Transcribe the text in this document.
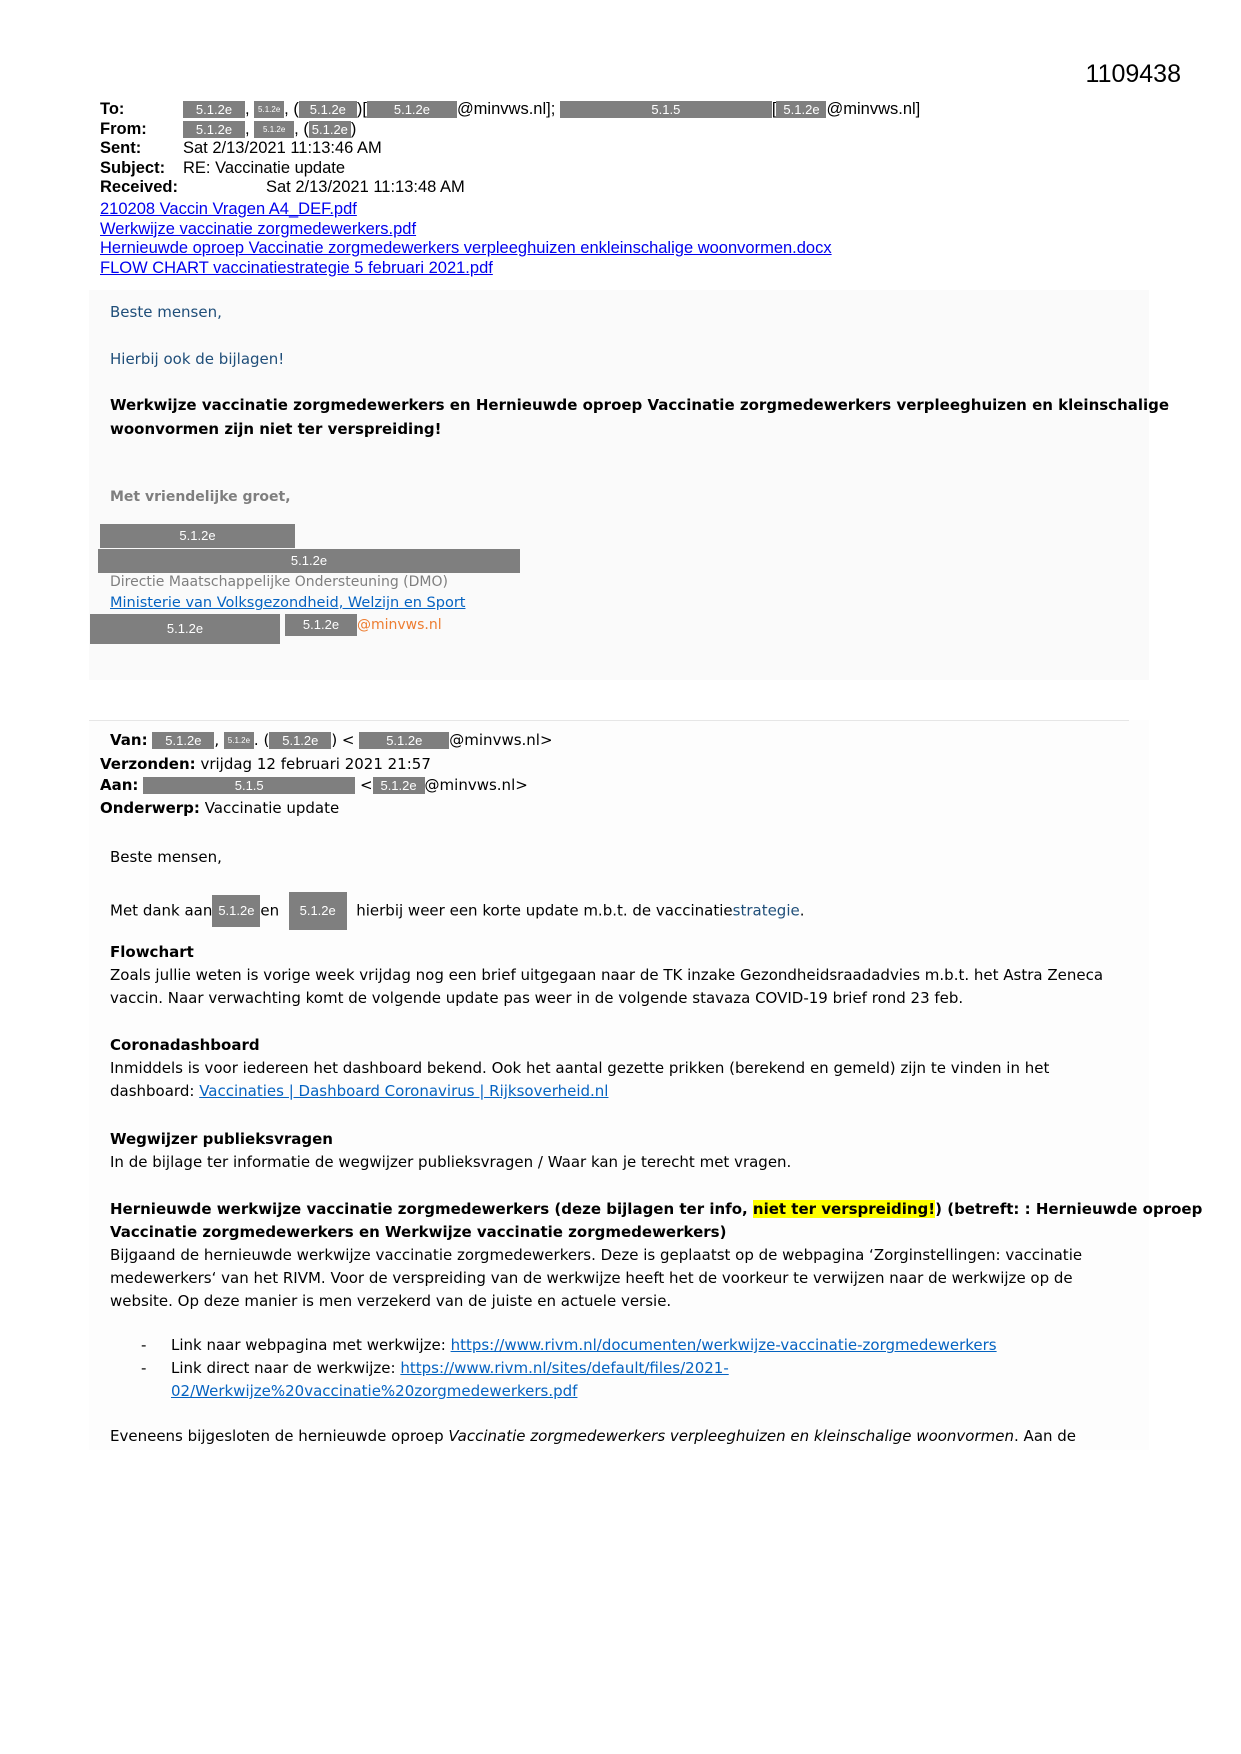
1109438
To:	5.1.2e , 5.1.2e , ( 5.1.2e )[ 5.1.2e @minvws.nl];	5.1.5	[ 5.1.2e @minvws.nl]
From:	5.1.2e , 5.1.2e , ( 5.1.2e )
Sent:	Sat 2/13/2021 11:13:46 AM
Subject: RE: Vaccinatie update
Received:	Sat 2/13/2021 11:13:48 AM
210208 Vaccin Vragen A4_DEF.pdf
Werkwijze vaccinatie zorgmedewerkers.pdf
Hernieuwde oproep Vaccinatie zorgmedewerkers verpleeghuizen enkleinschalige woonvormen.docx
FLOW CHART vaccinatiestrategie 5 februari 2021.pdf
Beste mensen,
Hierbij ook de bijlagen!
Werkwijze vaccinatie zorgmedewerkers en Hernieuwde oproep Vaccinatie zorgmedewerkers verpleeghuizen en kleinschalige
woonvormen zijn niet ter verspreiding!
Met vriendelijke groet,
5.1.2e
5.1.2e
Directie Maatschappelijke Ondersteuning (DMO)
Ministerie van Volksgezondheid, Welzijn en Sport
5.1.2e	5.1.2e @minvws.nl
Van: 5.1.2e , 5.1.2e . ( 5.1.2e ) < 5.1.2e @minvws.nl>
Verzonden: vrijdag 12 februari 2021 21:57
Aan:	5.1.5	< 5.1.2e @minvws.nl>
Onderwerp: Vaccinatie update
Beste mensen,
Met dank aan 5.1.2e en 5.1.2e hierbij weer een korte update m.b.t. de vaccinatiestrategie.
Flowchart
Zoals jullie weten is vorige week vrijdag nog een brief uitgegaan naar de TK inzake Gezondheidsraadadvies m.b.t. het Astra Zeneca
vaccin. Naar verwachting komt de volgende update pas weer in de volgende stavaza COVID-19 brief rond 23 feb.
Coronadashboard
Inmiddels is voor iedereen het dashboard bekend. Ook het aantal gezette prikken (berekend en gemeld) zijn te vinden in het
dashboard: Vaccinaties | Dashboard Coronavirus | Rijksoverheid.nl
Wegwijzer publieksvragen
In de bijlage ter informatie de wegwijzer publieksvragen / Waar kan je terecht met vragen.
Hernieuwde werkwijze vaccinatie zorgmedewerkers (deze bijlagen ter info, niet ter verspreiding!) (betreft: : Hernieuwde oproep
Vaccinatie zorgmedewerkers en Werkwijze vaccinatie zorgmedewerkers)
Bijgaand de hernieuwde werkwijze vaccinatie zorgmedewerkers. Deze is geplaatst op de webpagina ‘Zorginstellingen: vaccinatie
medewerkers‘ van het RIVM. Voor de verspreiding van de werkwijze heeft het de voorkeur te verwijzen naar de werkwijze op de
website. Op deze manier is men verzekerd van de juiste en actuele versie.
- Link naar webpagina met werkwijze: https://www.rivm.nl/documenten/werkwijze-vaccinatie-zorgmedewerkers
- Link direct naar de werkwijze: https://www.rivm.nl/sites/default/files/2021-
02/Werkwijze%20vaccinatie%20zorgmedewerkers.pdf
Eveneens bijgesloten de hernieuwde oproep Vaccinatie zorgmedewerkers verpleeghuizen en kleinschalige woonvormen. Aan de
